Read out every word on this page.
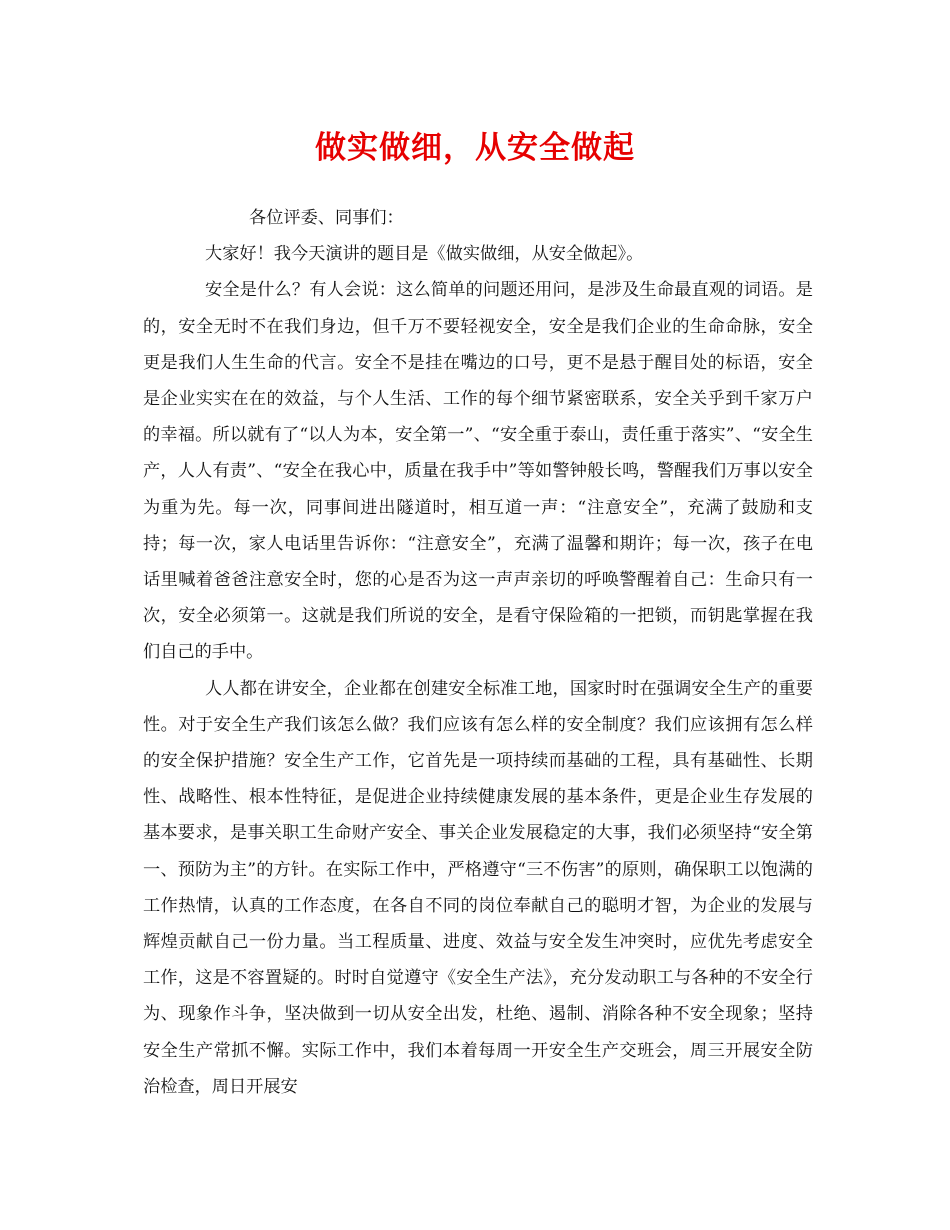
做实做细，从安全做起

各位评委、同事们：

大家好！我今天演讲的题目是《做实做细，从安全做起》。

安全是什么？有人会说：这么简单的问题还用问，是涉及生命最直观的词语。是的，安全无时不在我们身边，但千万不要轻视安全，安全是我们企业的生命命脉，安全更是我们人生生命的代言。安全不是挂在嘴边的口号，更不是悬于醒目处的标语，安全是企业实实在在的效益，与个人生活、工作的每个细节紧密联系，安全关乎到千家万户的幸福。所以就有了“以人为本，安全第一”、“安全重于泰山，责任重于落实”、“安全生产，人人有责”、“安全在我心中，质量在我手中”等如警钟般长鸣，警醒我们万事以安全为重为先。每一次，同事间进出隧道时，相互道一声：“注意安全”，充满了鼓励和支持；每一次，家人电话里告诉你：“注意安全”，充满了温馨和期许；每一次，孩子在电话里喊着爸爸注意安全时，您的心是否为这一声声亲切的呼唤警醒着自己：生命只有一次，安全必须第一。这就是我们所说的安全，是看守保险箱的一把锁，而钥匙掌握在我们自己的手中。

人人都在讲安全，企业都在创建安全标准工地，国家时时在强调安全生产的重要性。对于安全生产我们该怎么做？我们应该有怎么样的安全制度？我们应该拥有怎么样的安全保护措施？安全生产工作，它首先是一项持续而基础的工程，具有基础性、长期性、战略性、根本性特征，是促进企业持续健康发展的基本条件，更是企业生存发展的基本要求，是事关职工生命财产安全、事关企业发展稳定的大事，我们必须坚持“安全第一、预防为主”的方针。在实际工作中，严格遵守“三不伤害”的原则，确保职工以饱满的工作热情，认真的工作态度，在各自不同的岗位奉献自己的聪明才智，为企业的发展与辉煌贡献自己一份力量。当工程质量、进度、效益与安全发生冲突时，应优先考虑安全工作，这是不容置疑的。时时自觉遵守《安全生产法》，充分发动职工与各种的不安全行为、现象作斗争，坚决做到一切从安全出发，杜绝、遏制、消除各种不安全现象；坚持安全生产常抓不懈。实际工作中，我们本着每周一开安全生产交班会，周三开展安全防治检查，周日开展安
